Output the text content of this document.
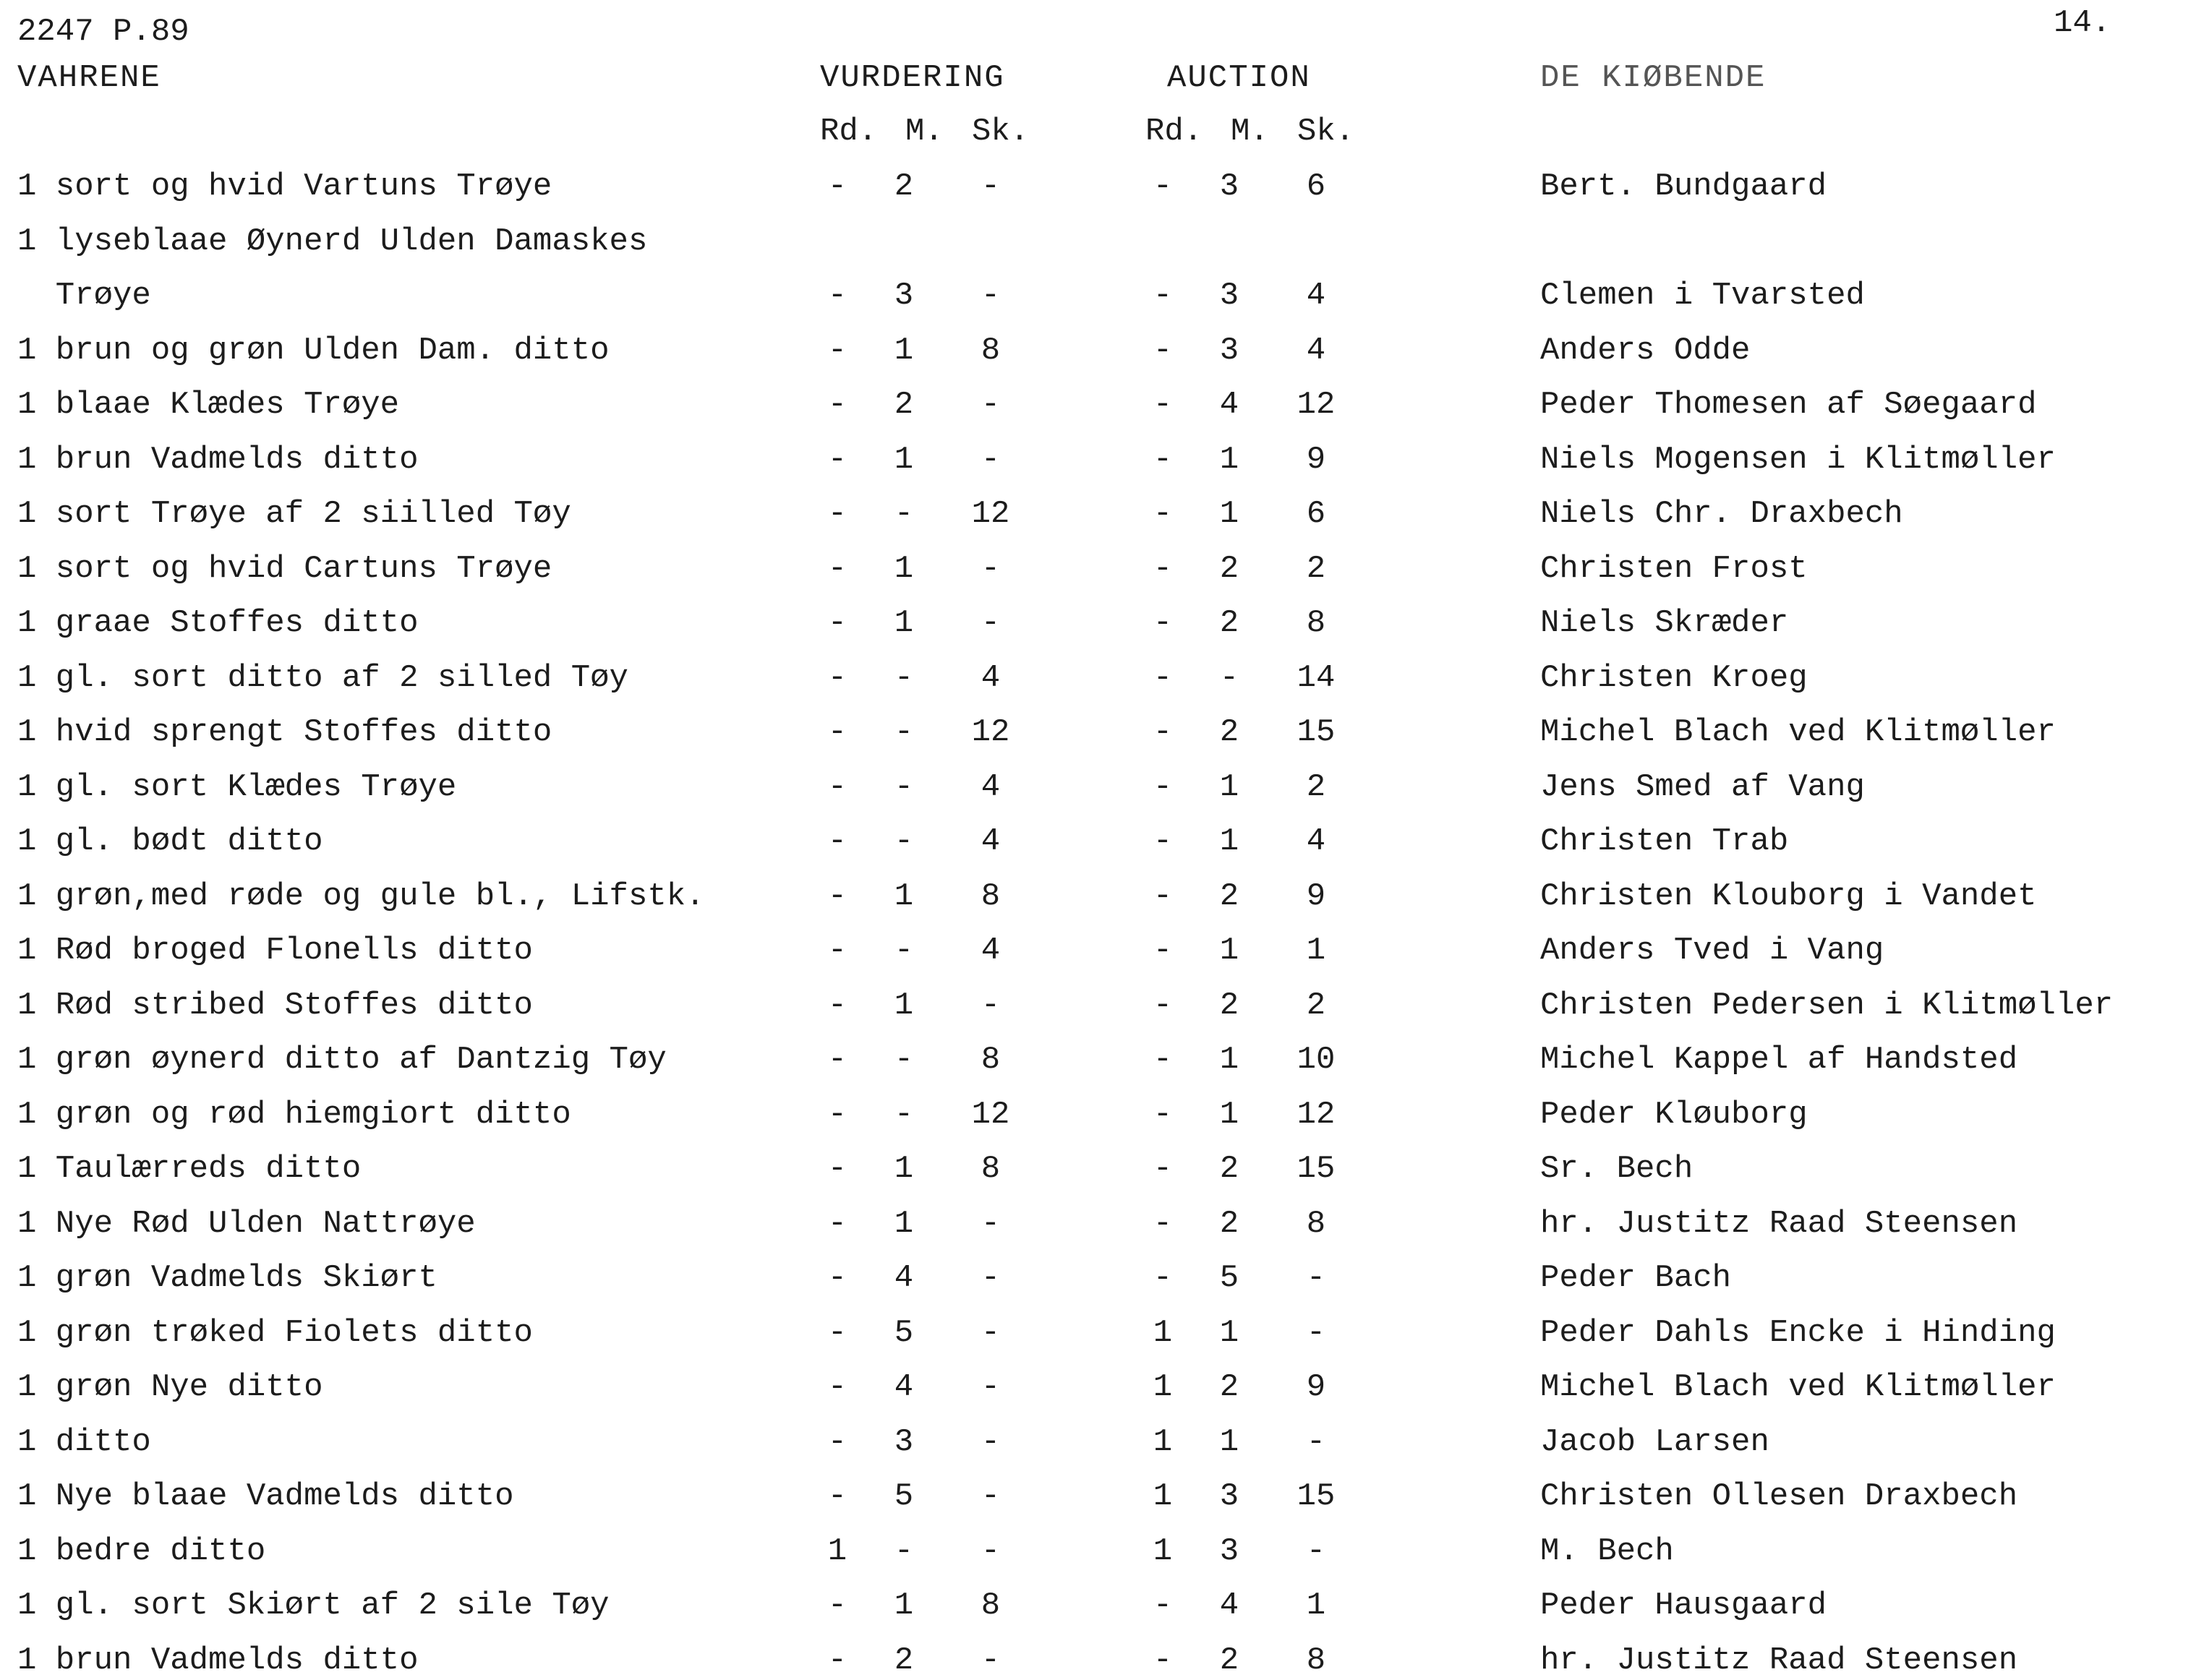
2247 P.89	14.
VAHRENE	VURDERING	AUCTION	DE KIØBENDE
Rd. M. Sk.	Rd. M. Sk.
1 sort og hvid Vartuns Trøye	-	2	-	-	3	6	Bert. Bundgaard
1 lyseblaae Øynerd Ulden Damaskes
Trøye	-	3	-	-	3	4	Clemen i Tvarsted
1 brun og grøn Ulden Dam. ditto	-	1	8	-	3	4	Anders Odde
1 blaae Klædes Trøye	-	2	-	-	4	12	Peder Thomesen af Søegaard
1 brun Vadmelds ditto	-	1	-	-	1	9	Niels Mogensen i Klitmøller
1 sort Trøye af 2 siilled Tøy	-	-	12	-	1	6	Niels Chr. Draxbech
1 sort og hvid Cartuns Trøye	-	1	-	-	2	2	Christen Frost
1 graae Stoffes ditto	-	1	-	-	2	8	Niels Skræder
1 gl. sort ditto af 2 silled Tøy	-	-	4	-	-	14	Christen Kroeg
1 hvid sprengt Stoffes ditto	-	-	12	-	2	15	Michel Blach ved Klitmøller
1 gl. sort Klædes Trøye	-	-	4	-	1	2	Jens Smed af Vang
1 gl. bødt ditto	-	-	4	-	1	4	Christen Trab
1 grøn,med røde og gule bl., Lifstk.	-	1	8	-	2	9	Christen Klouborg i Vandet
1 Rød broged Flonells ditto	-	-	4	-	1	1	Anders Tved i Vang
1 Rød stribed Stoffes ditto	-	1	-	-	2	2	Christen Pedersen i Klitmøller
1 grøn øynerd ditto af Dantzig Tøy	-	-	8	-	1	10	Michel Kappel af Handsted
1 grøn og rød hiemgiort ditto	-	-	12	-	1	12	Peder Kløuborg
1 Taulærreds ditto	-	1	8	-	2	15	Sr. Bech
1 Nye Rød Ulden Nattrøye	-	1	-	-	2	8	hr. Justitz Raad Steensen
1 grøn Vadmelds Skiørt	-	4	-	-	5	-	Peder Bach
1 grøn trøked Fiolets ditto	-	5	-	1	1	-	Peder Dahls Encke i Hinding
1 grøn Nye ditto	-	4	-	1	2	9	Michel Blach ved Klitmøller
1 ditto	-	3	-	1	1	-	Jacob Larsen
1 Nye blaae Vadmelds ditto	-	5	-	1	3	15	Christen Ollesen Draxbech
1 bedre ditto	1	-	-	1	3	-	M. Bech
1 gl. sort Skiørt af 2 sile Tøy	-	1	8	-	4	1	Peder Hausgaard
1 brun Vadmelds ditto	-	2	-	-	2	8	hr. Justitz Raad Steensen
